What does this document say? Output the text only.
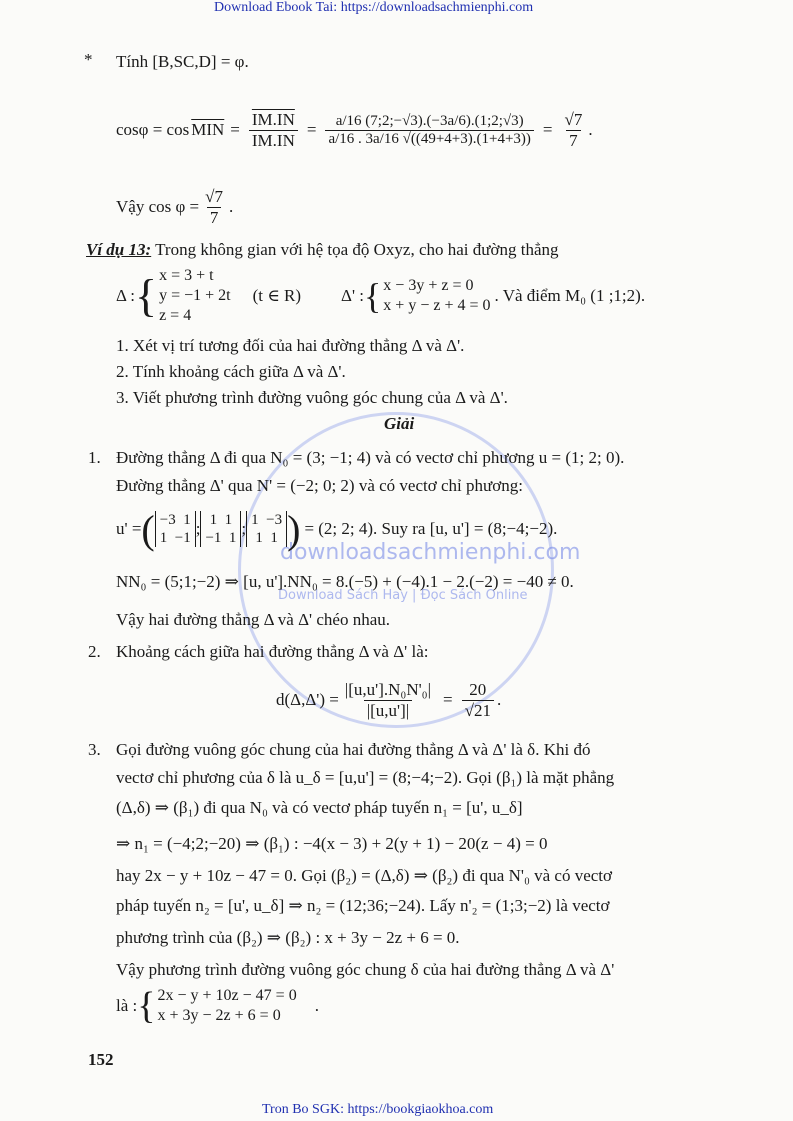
Download Ebook Tai: https://downloadsachmienphi.com
downloadsachmienphi.com
Download Sách Hay | Đọc Sách Online
* Tính [B,SC,D] = φ.
$\cos\varphi = \cos \overline{MIN} = \frac{IM.IN}{IM.IN} = \frac{a/16 (7;2;-√3).(-3a/6).(1;2;√3)}{a/16 . 3a/16 √((49+4+3).(1+4+3))} = \frac{√7}{7}$ .
Vậy $\cos \varphi = \frac{√7}{7}$ .
Ví dụ 13: Trong không gian với hệ tọa độ Oxyz, cho hai đường thẳng
Δ : { x = 3 + t
y = −1 + 2t
z = 4
(t ∈ R) Δ' : { x − 3y + z = 0
x + y − z + 4 = 0
. Và điểm M₀ (1 ;1;2).
1. Xét vị trí tương đối của hai đường thẳng Δ và Δ'.
2. Tính khoảng cách giữa Δ và Δ'.
3. Viết phương trình đường vuông góc chung của Δ và Δ'.
Giải
1. Đường thẳng Δ đi qua N₀ = (3; −1; 4) và có vectơ chỉ phương u = (1; 2; 0).
Đường thẳng Δ' qua N' = (−2; 0; 2) và có vectơ chỉ phương:
u' = ( −3 1
1 −1 ; 1 1
−1 1 ; 1 −3
1 1 ) = (2; 2; 4). Suy ra [u, u'] = (8;−4;−2).
NN₀ = (5;1;−2) ⇒ [u, u'].NN₀ = 8.(−5) + (−4).1 − 2.(−2) = −40 ≠ 0.
Vậy hai đường thẳng Δ và Δ' chéo nhau.
2. Khoảng cách giữa hai đường thẳng Δ và Δ' là:
$d(\Delta,\Delta') = \frac{\text{|[u,u'].N₀N'₀|}}{|[u,u']|} = \frac{20}{√21}$ .
3. Gọi đường vuông góc chung của hai đường thẳng Δ và Δ' là δ. Khi đó
vectơ chỉ phương của δ là u_δ = [u,u'] = (8;−4;−2). Gọi (β₁) là mặt phẳng
(Δ,δ) ⇒ (β₁) đi qua N₀ và có vectơ pháp tuyến n₁ = [u', u_δ]
⇒ n₁ = (−4;2;−20) ⇒ (β₁) : −4(x − 3) + 2(y + 1) − 20(z − 4) = 0
hay 2x − y + 10z − 47 = 0. Gọi (β₂) = (Δ,δ) ⇒ (β₂) đi qua N'₀ và có vectơ
pháp tuyến n₂ = [u', u_δ] ⇒ n₂ = (12;36;−24). Lấy n'₂ = (1;3;−2) là vectơ
phương trình của (β₂) ⇒ (β₂) : x + 3y − 2z + 6 = 0.
Vậy phương trình đường vuông góc chung δ của hai đường thẳng Δ và Δ'
là : { 2x − y + 10z − 47 = 0
x + 3y − 2z + 6 = 0
.
152
Tron Bo SGK: https://bookgiaokhoa.com
